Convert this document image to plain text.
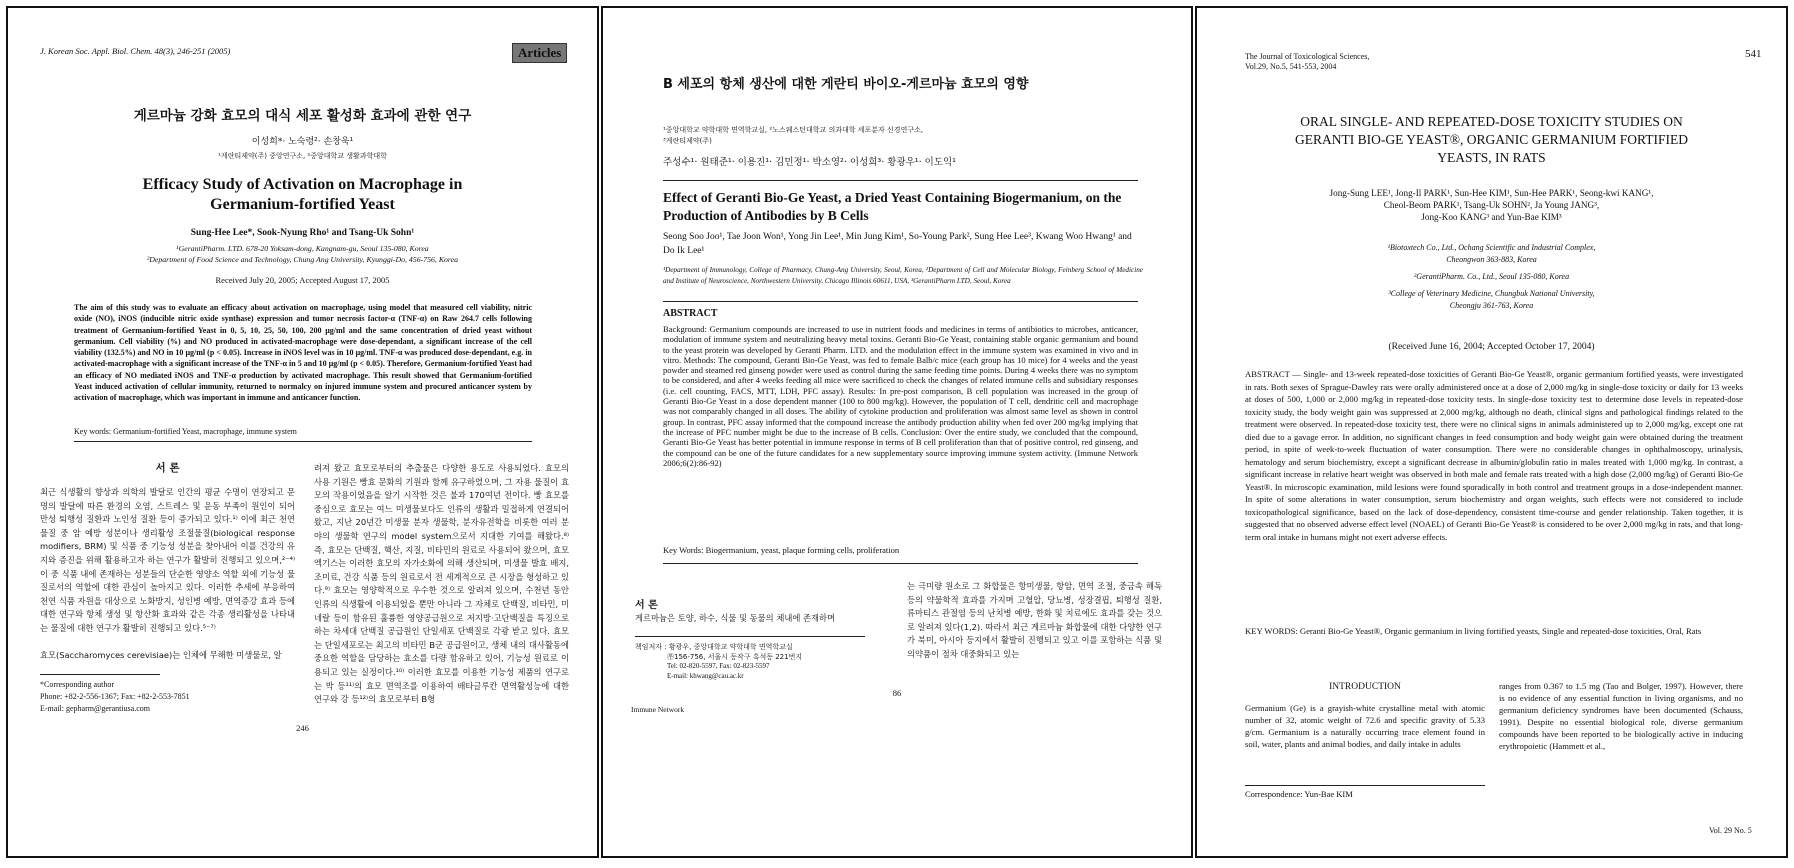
J. Korean Soc. Appl. Biol. Chem. 48(3), 246-251 (2005)	Articles
게르마늄 강화 효모의 대식 세포 활성화 효과에 관한 연구
이성희*· 노숙령²· 손창욱¹
¹게란티제약(주) 중앙연구소, ²중앙대학교 생활과학대학
Efficacy Study of Activation on Macrophage in
Germanium-fortified Yeast
Sung-Hee Lee*, Sook-Nyung Rho¹ and Tsang-Uk Sohn¹
¹GerantiPharm. LTD. 678-20 Yoksam-dong, Kangnam-gu, Seoul 135-080, Korea
²Department of Food Science and Technology, Chung Ang University, Kyunggi-Do, 456-756, Korea
Received July 20, 2005; Accepted August 17, 2005
The aim of this study was to evaluate an efficacy about activation on macrophage, using model that measured cell viability, nitric oxide (NO), iNOS (inducible nitric oxide synthase) expression and tumor necrosis factor-α (TNF-α) on Raw 264.7 cells following treatment of Germanium-fortified Yeast in 0, 5, 10, 25, 50, 100, 200 μg/ml and the same concentration of dried yeast without germanium. Cell viability (%) and NO produced in activated-macrophage were dose-dependant, a significant increase of the cell viability (132.5%) and NO in 10 μg/ml (p < 0.05). Increase in iNOS level was in 10 μg/ml. TNF-α was produced dose-dependant, e.g. in activated-macrophage with a significant increase of the TNF-α in 5 and 10 μg/ml (p < 0.05). Therefore, Germanium-fortified Yeast had an efficacy of NO mediated iNOS and TNF-α production by activated macrophage. This result showed that Germanium-fortified Yeast induced activation of cellular immunity, returned to normalcy on injured immune system and procured anticancer system by activation of macrophage, which was important in immune and anticancer function.
Key words: Germanium-fortified Yeast, macrophage, immune system
서 론
최근 식생활의 향상과 의학의 발달로 인간의 평균 수명이 연장되고 문명의 발달에 따른 환경의 오염, 스트레스 및 운동 부족이 원인이 되어 만성 퇴행성 질환과 노인성 질환 등이 증가되고 있다.¹⁾ 이에 최근 천연물질 중 암 예방 성분이나 생리활성 조절물질(biological response modifiers, BRM) 및 식품 중 기능성 성분을 찾아내어 이를 건강의 유지와 증진을 위해 활용하고자 하는 연구가 활발히 진행되고 있으며,²⁻⁴⁾ 이 중 식품 내에 존재하는 성분들의 단순한 영양소 역할 외에 기능성 물질로서의 역할에 대한 관심이 높아지고 있다. 이러한 추세에 부응하여 천연 식품 자원을 대상으로 노화방지, 성인병 예방, 면역증강 효과 등에 대한 연구와 항체 생성 및 항산화 효과와 같은 각종 생리활성을 나타내는 물질에 대한 연구가 활발히 진행되고 있다.⁵⁻⁷⁾
효모(Saccharomyces cerevisiae)는 인체에 무해한 미생물로, 알
려져 왔고 효모로부터의 추출물은 다양한 용도로 사용되었다. 효모의 사용 기원은 빵효 문화의 기원과 함께 유구하였으며, 그 자용 물질이 효모의 작용이었음을 알기 시작한 것은 불과 170여년 전이다. 빵 효모를 중심으로 효모는 여느 미생물보다도 인류의 생활과 밀접하게 연결되어 왔고, 지난 20년간 미생물 분자 생물학, 분자유전학을 비롯한 여러 분야의 생물학 연구의 model system으로서 지대한 기여를 해왔다.⁸⁾ 즉, 효모는 단백질, 핵산, 지질, 비타민의 원료로 사용되어 왔으며, 효모 엑기스는 이러한 효모의 자가소화에 의해 생산되며, 미생물 발효 배지, 조미료, 건강 식품 등의 원료로서 전 세계적으로 큰 시장을 형성하고 있다.⁹⁾ 효모는 영양학적으로 우수한 것으로 알려져 있으며, 수천년 동안 인류의 식생활에 이용되었을 뿐만 아니라 그 자체로 단백질, 비타민, 미네랄 등이 함유된 훌륭한 영양공급원으로 저지방·고단백질을 특징으로 하는 차세대 단백질 공급원인 단일세포 단백질로 각광 받고 있다. 효모는 단일세포로는 최고의 비타민 B군 공급원이고, 생체 내의 대사활동에 중요한 역할을 담당하는 효소를 다량 함유하고 있어, 기능성 원료로 이용되고 있는 실정이다.¹⁰⁾ 이러한 효모를 이용한 기능성 제품의 연구로는 박 등¹¹⁾의 효모 면역조를 이용하여 배타글루칸 면역활성능에 대한 연구와 강 등¹²⁾의 효모로부터 B형
*Corresponding author
Phone: +82-2-556-1367; Fax: +82-2-553-7851
E-mail: gepharm@gerantiusa.com
246
B 세포의 항체 생산에 대한 게란티 바이오-게르마늄 효모의 영향
¹중앙대학교 약학대학 면역학교실, ²노스웨스턴대학교 의과대학 세포분자 신경연구소,
³게란티제약(주)
주성수¹· 원태준¹· 이용진¹· 김민정¹· 박소영²· 이성희³· 황광우¹· 이도익¹
Effect of Geranti Bio-Ge Yeast, a Dried Yeast Containing Biogermanium, on the Production of Antibodies by B Cells
Seong Soo Joo¹, Tae Joon Won¹, Yong Jin Lee¹, Min Jung Kim¹, So-Young Park², Sung Hee Lee³, Kwang Woo Hwang¹ and Do Ik Lee¹
¹Department of Immunology, College of Pharmacy, Chung-Ang University, Seoul, Korea, ²Department of Cell and Molecular Biology, Feinberg School of Medicine and Institute of Neuroscience, Northwestern University, Chicago Illinois 60611, USA, ³GerantiPharm LTD, Seoul, Korea
ABSTRACT
Background: Germanium compounds are increased to use in nutrient foods and medicines in terms of antibiotics to microbes, anticancer, modulation of immune system and neutralizing heavy metal toxins. Geranti Bio-Ge Yeast, containing stable organic germanium and bound to the yeast protein was developed by Geranti Pharm. LTD. and the modulation effect in the immune system was examined in vivo and in vitro. Methods: The compound, Geranti Bio-Ge Yeast, was fed to female Balb/c mice (each group has 10 mice) for 4 weeks and the yeast powder and steamed red ginseng powder were used as control during the same feeding time points. During 4 weeks there was no symptom to be considered, and after 4 weeks feeding all mice were sacrificed to check the changes of related immune cells and subsidiary responses (i.e. cell counting, FACS, MTT, LDH, PFC assay). Results: In pre-post comparison, B cell population was increased in the group of Geranti Bio-Ge Yeast in a dose dependent manner (100 to 800 mg/kg). However, the population of T cell, dendritic cell and macrophage was not comparably changed in all doses. The ability of cytokine production and proliferation was almost same level as shown in control group. In contrast, PFC assay informed that the compound increase the antibody production ability when fed over 200 mg/kg implying that the increase of PFC number might be due to the increase of B cells. Conclusion: Over the entire study, we concluded that the compound, Geranti Bio-Ge Yeast has better potential in immune response in terms of B cell proliferation than that of positive control, red ginseng, and the compound can be one of the future candidates for a new supplementary source improving immune system activity. (Immune Network 2006;6(2):86-92)
Key Words: Biogermanium, yeast, plaque forming cells, proliferation
서 론
게르마늄은 토양, 하수, 식물 및 동물의 체내에 존재하며
책임저자 : 황광우, 중앙대학교 약학대학 면역학교실
㉾156-756, 서울시 동작구 흑석동 221번지
Tel: 02-820-5597, Fax: 02-823-5597
E-mail: khwang@cau.ac.kr
는 극미량 원소로 그 화합물은 항미생물, 항암, 면역 조절, 중금속 해독 등의 약물학적 효과를 가지며 고혈압, 당뇨병, 성장결핍, 퇴행성 질환, 류마티스 관절염 등의 난치병 예방, 한화 및 치료에도 효과를 갖는 것으로 알려져 있다(1,2). 따라서 최근 게르마늄 화합물에 대한 다양한 연구가 북미, 아시아 등지에서 활발히 진행되고 있고 이를 포함하는 식품 및 의약품이 점차 대중화되고 있는
86
Immune Network
The Journal of Toxicological Sciences,
Vol.29, No.5, 541-553, 2004
541
ORAL SINGLE- AND REPEATED-DOSE TOXICITY STUDIES ON
GERANTI BIO-GE YEAST®, ORGANIC GERMANIUM FORTIFIED
YEASTS, IN RATS
Jong-Sung LEE¹, Jong-Il PARK¹, Sun-Hee KIM¹, Sun-Hee PARK¹, Seong-kwi KANG¹,
Cheol-Beom PARK¹, Tsang-Uk SOHN², Ja Young JANG³,
Jong-Koo KANG³ and Yun-Bae KIM³
¹Biotoxtech Co., Ltd., Ochang Scientific and Industrial Complex,
Cheongwon 363-883, Korea
²GerantiPharm. Co., Ltd., Seoul 135-080, Korea
³College of Veterinary Medicine, Chungbuk National University,
Cheongju 361-763, Korea
(Received June 16, 2004; Accepted October 17, 2004)
ABSTRACT — Single- and 13-week repeated-dose toxicities of Geranti Bio-Ge Yeast®, organic germanium fortified yeasts, were investigated in rats. Both sexes of Sprague-Dawley rats were orally administered once at a dose of 2,000 mg/kg in single-dose toxicity or daily for 13 weeks at doses of 500, 1,000 or 2,000 mg/kg in repeated-dose toxicity tests. In single-dose toxicity test to determine dose levels in repeated-dose toxicity study, the body weight gain was suppressed at 2,000 mg/kg, although no death, clinical signs and pathological findings related to the treatment were observed. In repeated-dose toxicity test, there were no clinical signs in animals administered up to 2,000 mg/kg, except one rat died due to a gavage error. In addition, no significant changes in feed consumption and body weight gain were obtained during the treatment period, in spite of week-to-week fluctuation of water consumption. There were no considerable changes in ophthalmoscopy, urinalysis, hematology and serum biochemistry, except a significant decrease in albumin/globulin ratio in males treated with 1,000 mg/kg. In contrast, a significant increase in relative heart weight was observed in both male and female rats treated with a high dose (2,000 mg/kg) of Geranti Bio-Ge Yeast®. In microscopic examination, mild lesions were found sporadically in both control and treatment groups in a dose-independent manner. In spite of some alterations in water consumption, serum biochemistry and organ weights, such effects were not considered to include toxicopathological significance, based on the lack of dose-dependency, consistent time-course and gender relationship. Taken together, it is suggested that no observed adverse effect level (NOAEL) of Geranti Bio-Ge Yeast® is considered to be over 2,000 mg/kg in rats, and that long-term oral intake in humans might not exert adverse effects.
KEY WORDS: Geranti Bio-Ge Yeast®, Organic germanium in living fortified yeasts, Single and repeated-dose toxicities, Oral, Rats
INTRODUCTION
Germanium (Ge) is a grayish-white crystalline metal with atomic number of 32, atomic weight of 72.6 and specific gravity of 5.33 g/cm. Germanium is a naturally occurring trace element found in soil, water, plants and animal bodies, and daily intake in adults
ranges from 0.367 to 1.5 mg (Tao and Bolger, 1997). However, there is no evidence of any essential function in living organisms, and no germanium deficiency syndromes have been documented (Schauss, 1991). Despite no essential biological role, diverse germanium compounds have been reported to be biologically active in inducing erythropoietic (Hammett et al.,
Correspondence: Yun-Bae KIM
Vol. 29 No. 5
